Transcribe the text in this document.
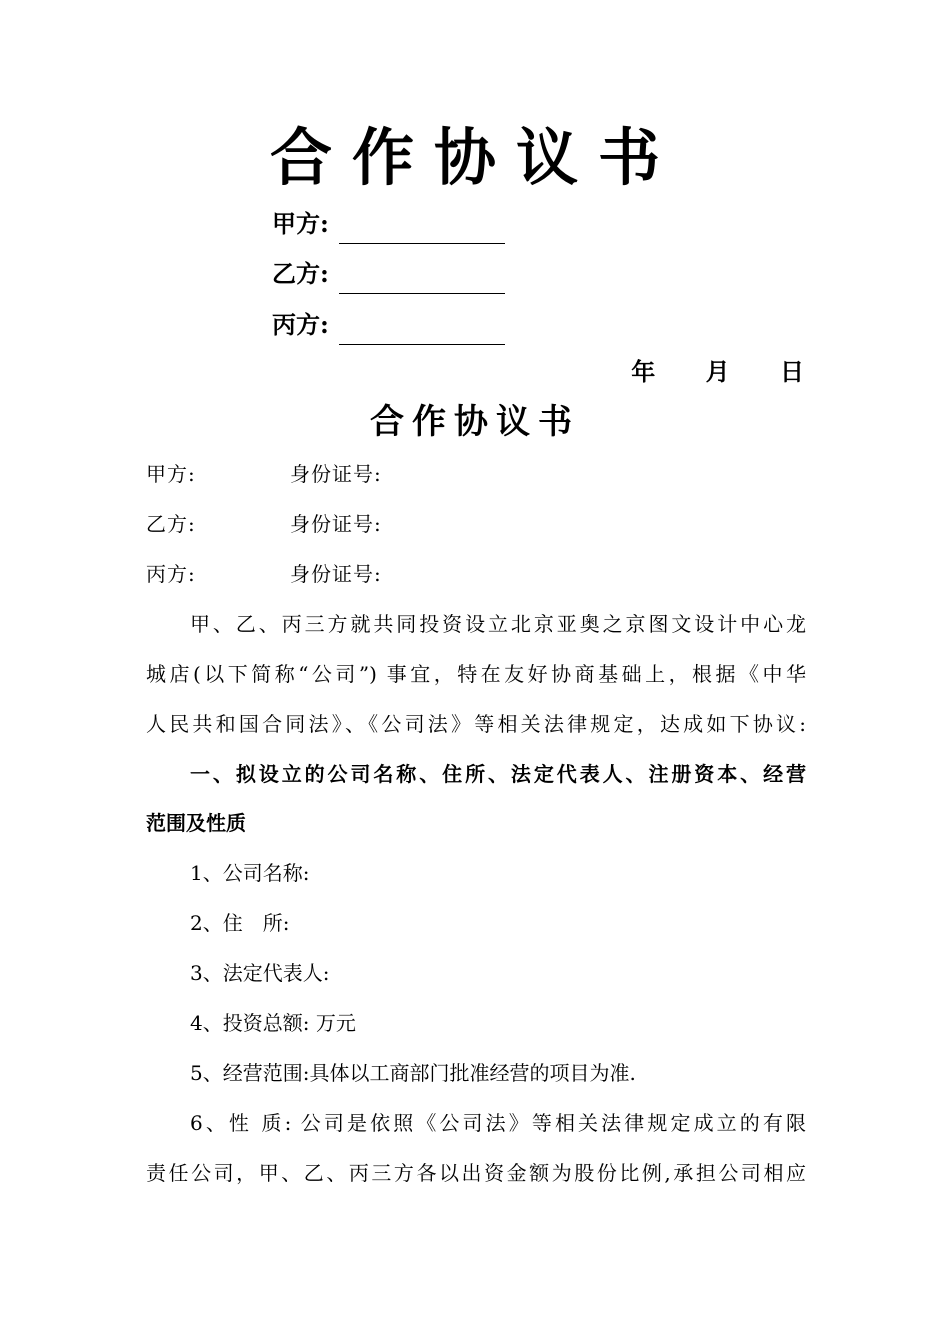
合作协议书
甲方:
乙方:
丙方:
年 月 日
合作协议书
甲方:	身份证号:
乙方:	身份证号:
丙方:	身份证号:
甲、乙、丙三方就共同投资设立北京亚奥之京图文设计中心龙
城店(以下简称“公司”) 事宜，特在友好协商基础上，根据《中华
人民共和国合同法》、《公司法》等相关法律规定，达成如下协议:
一、拟设立的公司名称、住所、法定代表人、注册资本、经营
范围及性质
1、公司名称:
2、住　所:
3、法定代表人:
4、投资总额: 万元
5、经营范围:具体以工商部门批准经营的项目为准.
6、性 质: 公司是依照《公司法》等相关法律规定成立的有限
责任公司，甲、乙、丙三方各以出资金额为股份比例,承担公司相应
